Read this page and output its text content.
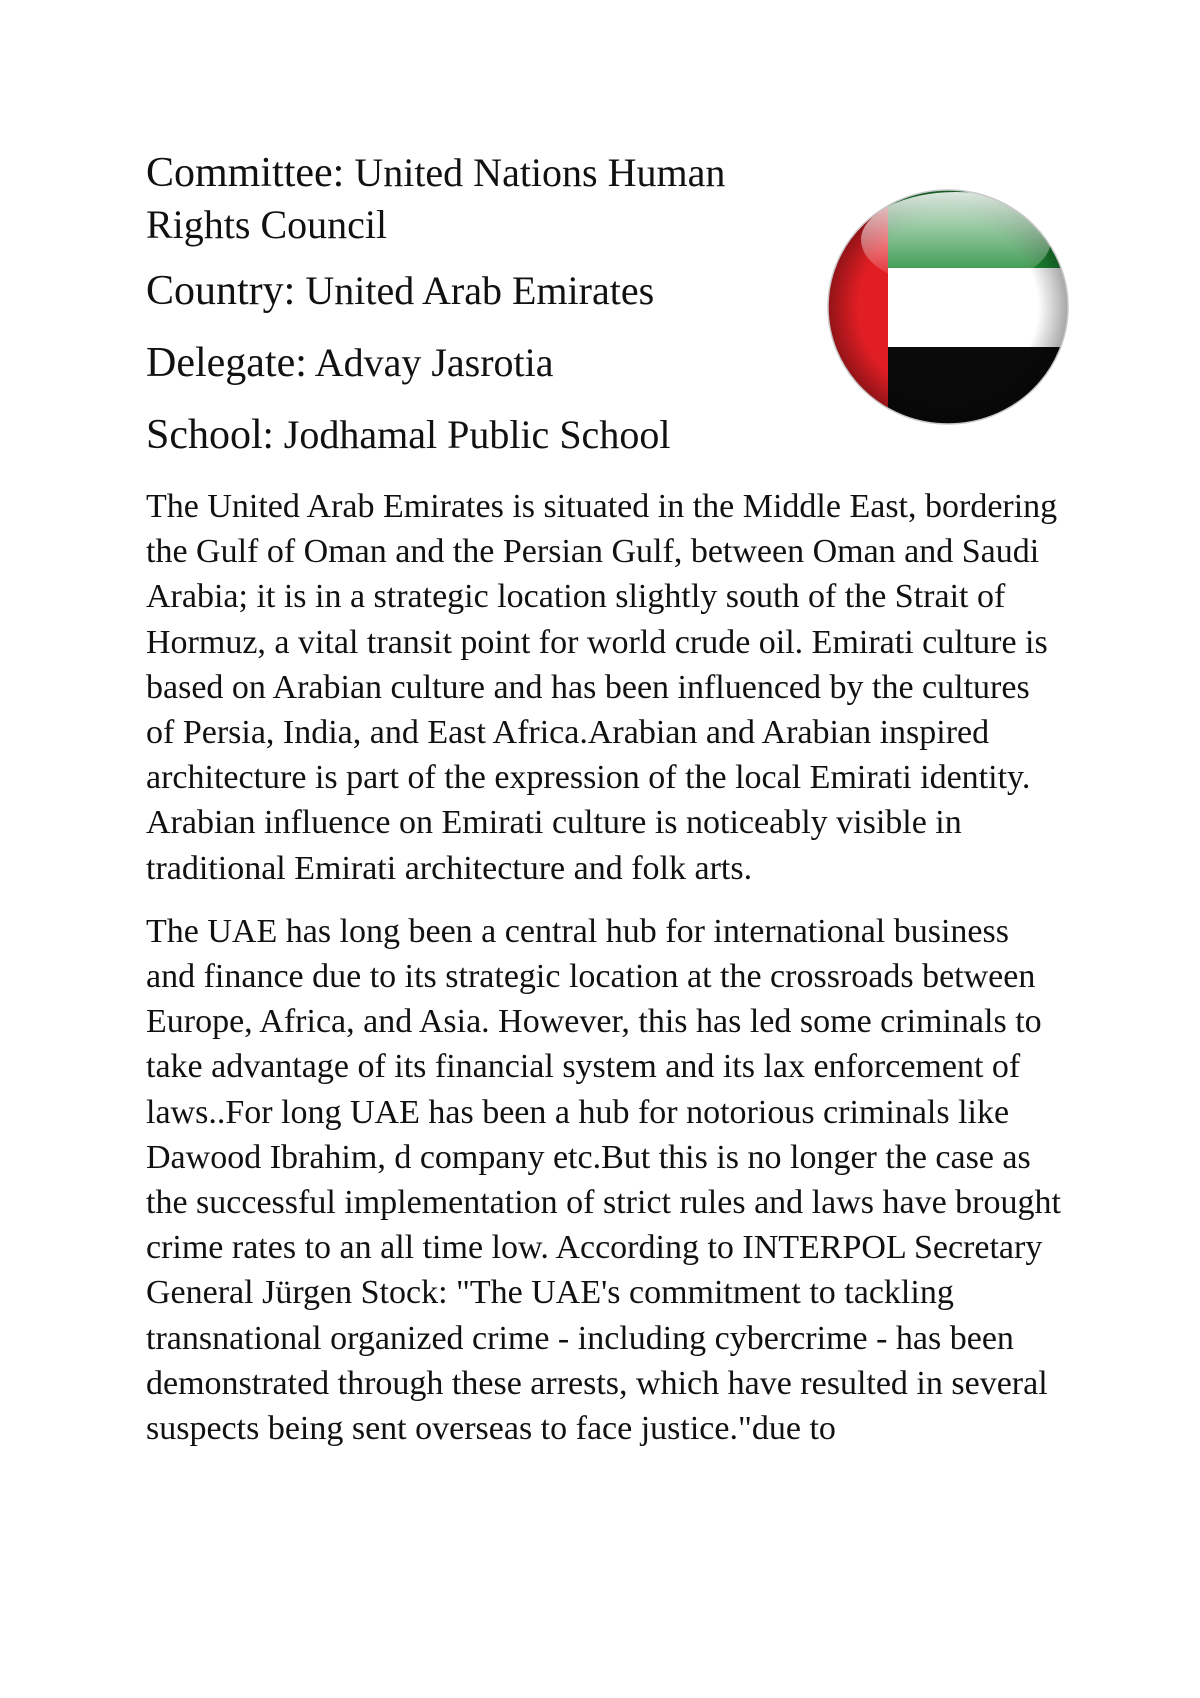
Committee: United Nations Human Rights Council

Country: United Arab Emirates

Delegate: Advay Jasrotia

School: Jodhamal Public School

The United Arab Emirates is situated in the Middle East, bordering the Gulf of Oman and the Persian Gulf, between Oman and Saudi Arabia; it is in a strategic location slightly south of the Strait of Hormuz, a vital transit point for world crude oil. Emirati culture is based on Arabian culture and has been influenced by the cultures of Persia, India, and East Africa.Arabian and Arabian inspired architecture is part of the expression of the local Emirati identity. Arabian influence on Emirati culture is noticeably visible in traditional Emirati architecture and folk arts.

The UAE has long been a central hub for international business and finance due to its strategic location at the crossroads between Europe, Africa, and Asia. However, this has led some criminals to take advantage of its financial system and its lax enforcement of laws..For long UAE has been a hub for notorious criminals like Dawood Ibrahim, d company etc.But this is no longer the case as the successful implementation of strict rules and laws have brought crime rates to an all time low. According to INTERPOL Secretary General Jürgen Stock: "The UAE's commitment to tackling transnational organized crime - including cybercrime - has been demonstrated through these arrests, which have resulted in several suspects being sent overseas to face justice."due to
